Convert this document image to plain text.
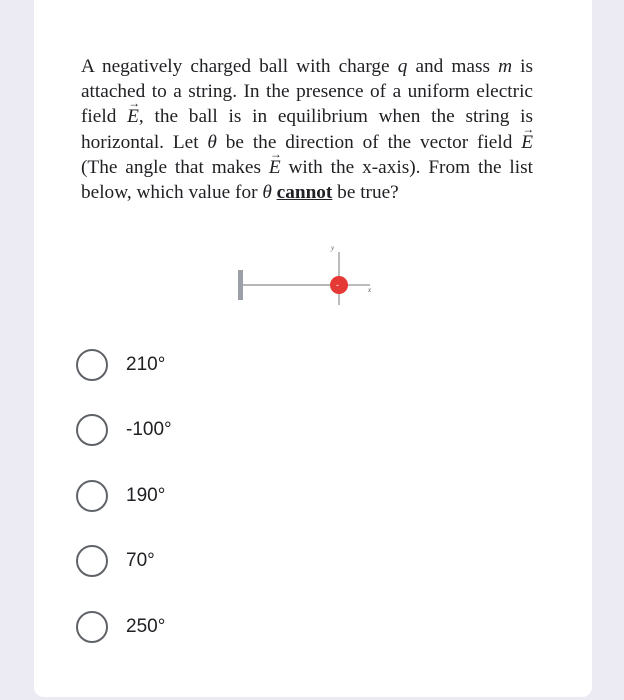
A negatively charged ball with charge q and mass m is attached to a string. In the presence of a uniform electric field → E, the ball is in equilibrium when the string is horizontal. Let θ be the direction of the vector field → E (The angle that makes → E with the x-axis). From the list below, which value for θ cannot be true?

y
x
-
210°
-100°
190°
70°
250°
